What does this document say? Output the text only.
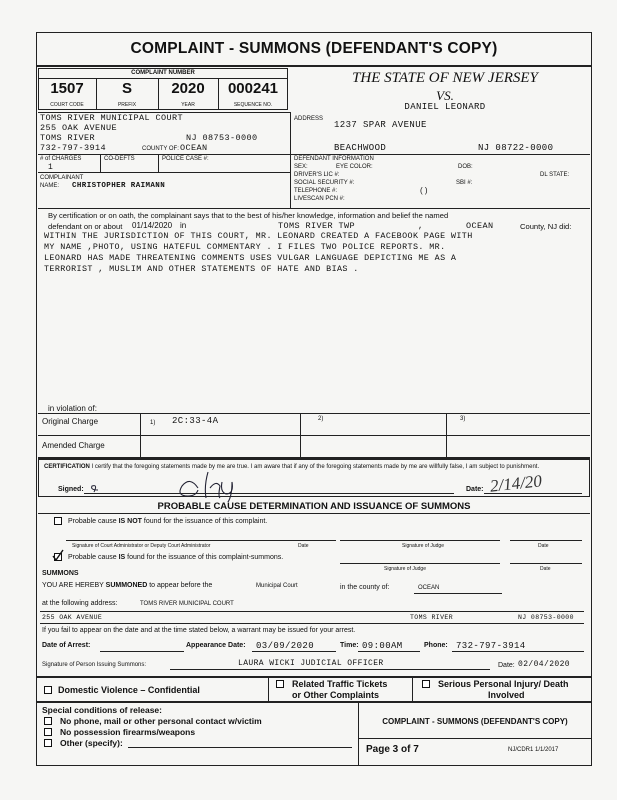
COMPLAINT - SUMMONS (DEFENDANT'S COPY)
COMPLAINT NUMBER
1507	S	2020	000241
COURT CODE	PREFIX	YEAR	SEQUENCE NO.
THE STATE OF NEW JERSEY
VS.
DANIEL LEONARD
TOMS RIVER MUNICIPAL COURT
255 OAK AVENUE
TOMS RIVER	NJ 08753-0000
732-797-3914	COUNTY OF: OCEAN
ADDRESS
1237 SPAR AVENUE
BEACHWOOD	NJ 08722-0000
# of CHARGES
1
CO-DEFTS	POLICE CASE #:
COMPLAINANT
NAME: CHRISTOPHER RAIMANN
DEFENDANT INFORMATION
SEX:	EYE COLOR:	DOB:
DRIVER'S LIC #:	DL STATE:
SOCIAL SECURITY #:	SBI #:
TELEPHONE #:	( )
LIVESCAN PCN #:
By certification or on oath, the complainant says that to the best of his/her knowledge, information and belief the named
defendant on or about 01/14/2020 in	TOMS RIVER TWP	,	OCEAN	County, NJ did:
WITHIN THE JURISDICTION OF THIS COURT, MR. LEONARD CREATED A FACEBOOK PAGE WITH
MY NAME ,PHOTO, USING HATEFUL COMMENTARY . I FILES TWO POLICE REPORTS. MR.
LEONARD HAS MADE THREATENING COMMENTS USES VULGAR LANGUAGE DEPICTING ME AS A
TERRORIST , MUSLIM AND OTHER STATEMENTS OF HATE AND BIAS .
in violation of:
Original Charge	1) 2C:33-4A	2)	3)
Amended Charge
CERTIFICATION I certify that the foregoing statements made by me are true. I am aware that if any of the foregoing statements made by me are willfully false, I am subject to punishment.
Signed:	Date: 2/14/20
PROBABLE CAUSE DETERMINATION AND ISSUANCE OF SUMMONS
Probable cause IS NOT found for the issuance of this complaint.
Signature of Court Administrator or Deputy Court Administrator	Date	Signature of Judge	Date
Probable cause IS found for the issuance of this complaint-summons.
Signature of Judge	Date
SUMMONS
YOU ARE HEREBY SUMMONED to appear before the	Municipal Court	in the county of:	OCEAN
at the following address:	TOMS RIVER MUNICIPAL COURT
255 OAK AVENUE	TOMS RIVER	NJ 08753-0000
If you fail to appear on the date and at the time stated below, a warrant may be issued for your arrest.
Date of Arrest:	Appearance Date: 03/09/2020	Time: 09:00AM	Phone: 732-797-3914
Signature of Person Issuing Summons:	LAURA WICKI JUDICIAL OFFICER	Date: 02/04/2020
Domestic Violence – Confidential
Related Traffic Tickets
or Other Complaints
Serious Personal Injury/ Death
Involved
Special conditions of release:
No phone, mail or other personal contact w/victim
No possession firearms/weapons
Other (specify):
COMPLAINT - SUMMONS (DEFENDANT'S COPY)
Page 3 of 7	NJ/CDR1 1/1/2017
